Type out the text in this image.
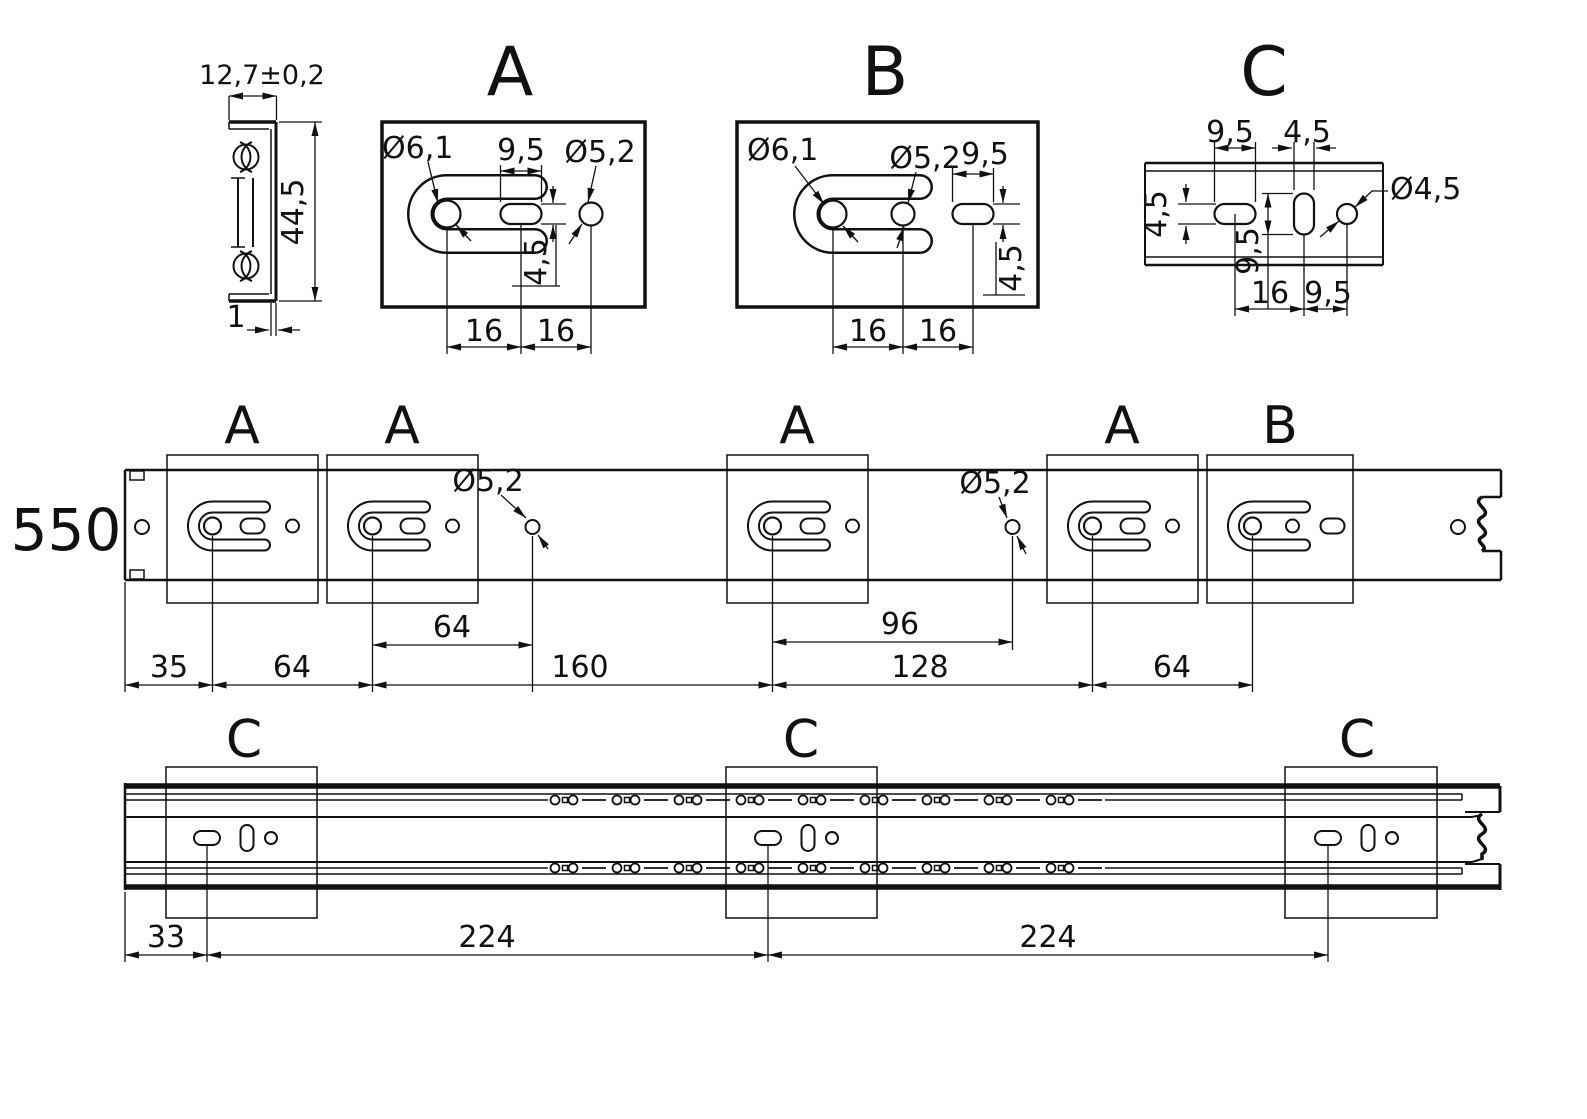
12,7±0,2
44,5
1
A
Ø6,1 9,5 Ø5,2
4,5
16 16
B
Ø6,1 Ø5,2 9,5
4,5
16 16
C
9,5 4,5
4,5
9,5
Ø4,5
16 9,5
550
A A	A	A B
Ø5,2	Ø5,2
64	96
35	64	160	128	64
C	C	C
33	224	224
